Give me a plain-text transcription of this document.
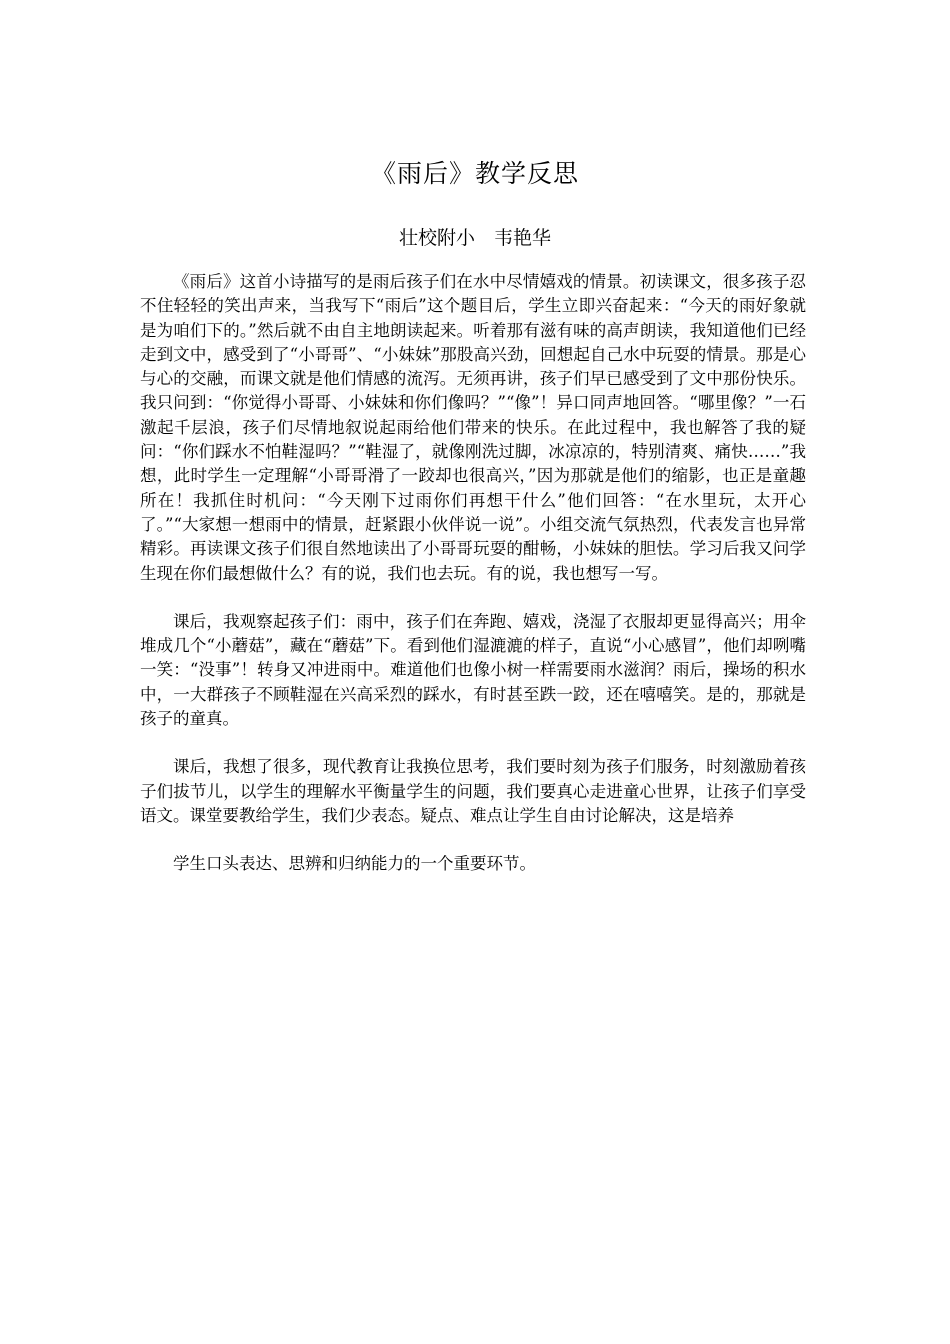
《雨后》教学反思
壮校附小　韦艳华

《雨后》这首小诗描写的是雨后孩子们在水中尽情嬉戏的情景。初读课文，很多孩子忍不住轻轻的笑出声来，当我写下“雨后”这个题目后，学生立即兴奋起来：“今天的雨好象就是为咱们下的。”然后就不由自主地朗读起来。听着那有滋有味的高声朗读，我知道他们已经走到文中，感受到了“小哥哥”、“小妹妹”那股高兴劲，回想起自己水中玩耍的情景。那是心与心的交融，而课文就是他们情感的流泻。无须再讲，孩子们早已感受到了文中那份快乐。我只问到：“你觉得小哥哥、小妹妹和你们像吗？”“像”！异口同声地回答。“哪里像？”一石激起千层浪，孩子们尽情地叙说起雨给他们带来的快乐。在此过程中，我也解答了我的疑问：“你们踩水不怕鞋湿吗？”“鞋湿了，就像刚洗过脚，冰凉凉的，特别清爽、痛快……”我想，此时学生一定理解“小哥哥滑了一跤却也很高兴，”因为那就是他们的缩影，也正是童趣所在！我抓住时机问：“今天刚下过雨你们再想干什么”他们回答：“在水里玩，太开心了。”“大家想一想雨中的情景，赶紧跟小伙伴说一说”。小组交流气氛热烈，代表发言也异常精彩。再读课文孩子们很自然地读出了小哥哥玩耍的酣畅，小妹妹的胆怯。学习后我又问学生现在你们最想做什么？有的说，我们也去玩。有的说，我也想写一写。

课后，我观察起孩子们：雨中，孩子们在奔跑、嬉戏，浇湿了衣服却更显得高兴；用伞堆成几个“小蘑菇”，藏在“蘑菇”下。看到他们湿漉漉的样子，直说“小心感冒”，他们却咧嘴一笑：“没事”！转身又冲进雨中。难道他们也像小树一样需要雨水滋润？雨后，操场的积水中，一大群孩子不顾鞋湿在兴高采烈的踩水，有时甚至跌一跤，还在嘻嘻笑。是的，那就是孩子的童真。

课后，我想了很多，现代教育让我换位思考，我们要时刻为孩子们服务，时刻激励着孩子们拔节儿，以学生的理解水平衡量学生的问题，我们要真心走进童心世界，让孩子们享受语文。课堂要教给学生，我们少表态。疑点、难点让学生自由讨论解决，这是培养

学生口头表达、思辨和归纳能力的一个重要环节。
